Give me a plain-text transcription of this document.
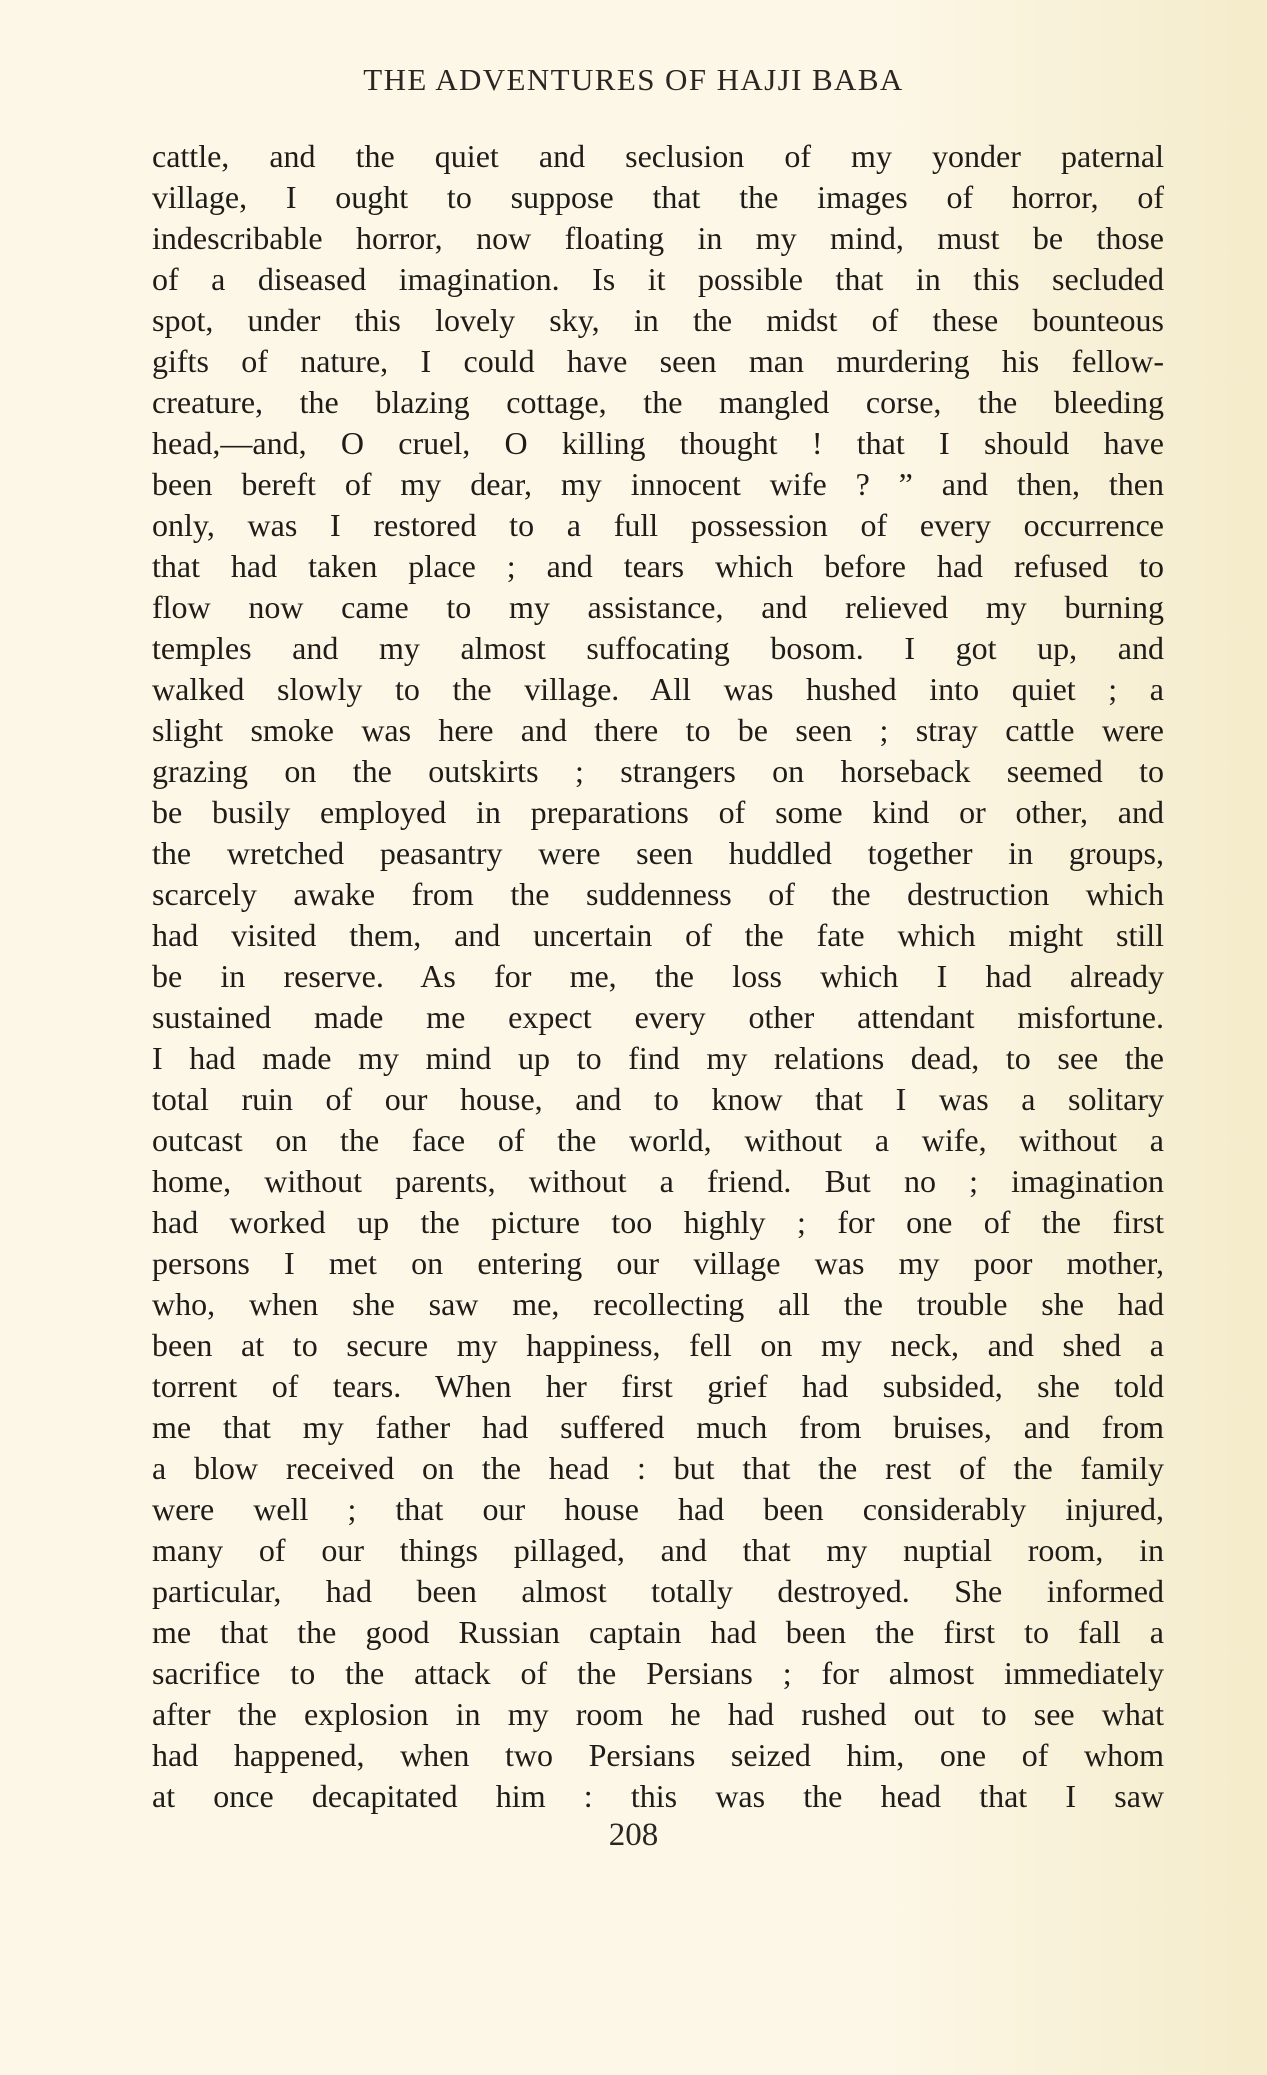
THE ADVENTURES OF HAJJI BABA
cattle, and the quiet and seclusion of my yonder paternal
village, I ought to suppose that the images of horror, of
indescribable horror, now floating in my mind, must be those
of a diseased imagination. Is it possible that in this secluded
spot, under this lovely sky, in the midst of these bounteous
gifts of nature, I could have seen man murdering his fellow-
creature, the blazing cottage, the mangled corse, the bleeding
head,—and, O cruel, O killing thought ! that I should have
been bereft of my dear, my innocent wife ? ” and then, then
only, was I restored to a full possession of every occurrence
that had taken place ; and tears which before had refused to
flow now came to my assistance, and relieved my burning
temples and my almost suffocating bosom. I got up, and
walked slowly to the village. All was hushed into quiet ; a
slight smoke was here and there to be seen ; stray cattle were
grazing on the outskirts ; strangers on horseback seemed to
be busily employed in preparations of some kind or other, and
the wretched peasantry were seen huddled together in groups,
scarcely awake from the suddenness of the destruction which
had visited them, and uncertain of the fate which might still
be in reserve. As for me, the loss which I had already
sustained made me expect every other attendant misfortune.
I had made my mind up to find my relations dead, to see the
total ruin of our house, and to know that I was a solitary
outcast on the face of the world, without a wife, without a
home, without parents, without a friend. But no ; imagination
had worked up the picture too highly ; for one of the first
persons I met on entering our village was my poor mother,
who, when she saw me, recollecting all the trouble she had
been at to secure my happiness, fell on my neck, and shed a
torrent of tears. When her first grief had subsided, she told
me that my father had suffered much from bruises, and from
a blow received on the head : but that the rest of the family
were well ; that our house had been considerably injured,
many of our things pillaged, and that my nuptial room, in
particular, had been almost totally destroyed. She informed
me that the good Russian captain had been the first to fall a
sacrifice to the attack of the Persians ; for almost immediately
after the explosion in my room he had rushed out to see what
had happened, when two Persians seized him, one of whom
at once decapitated him : this was the head that I saw
208
